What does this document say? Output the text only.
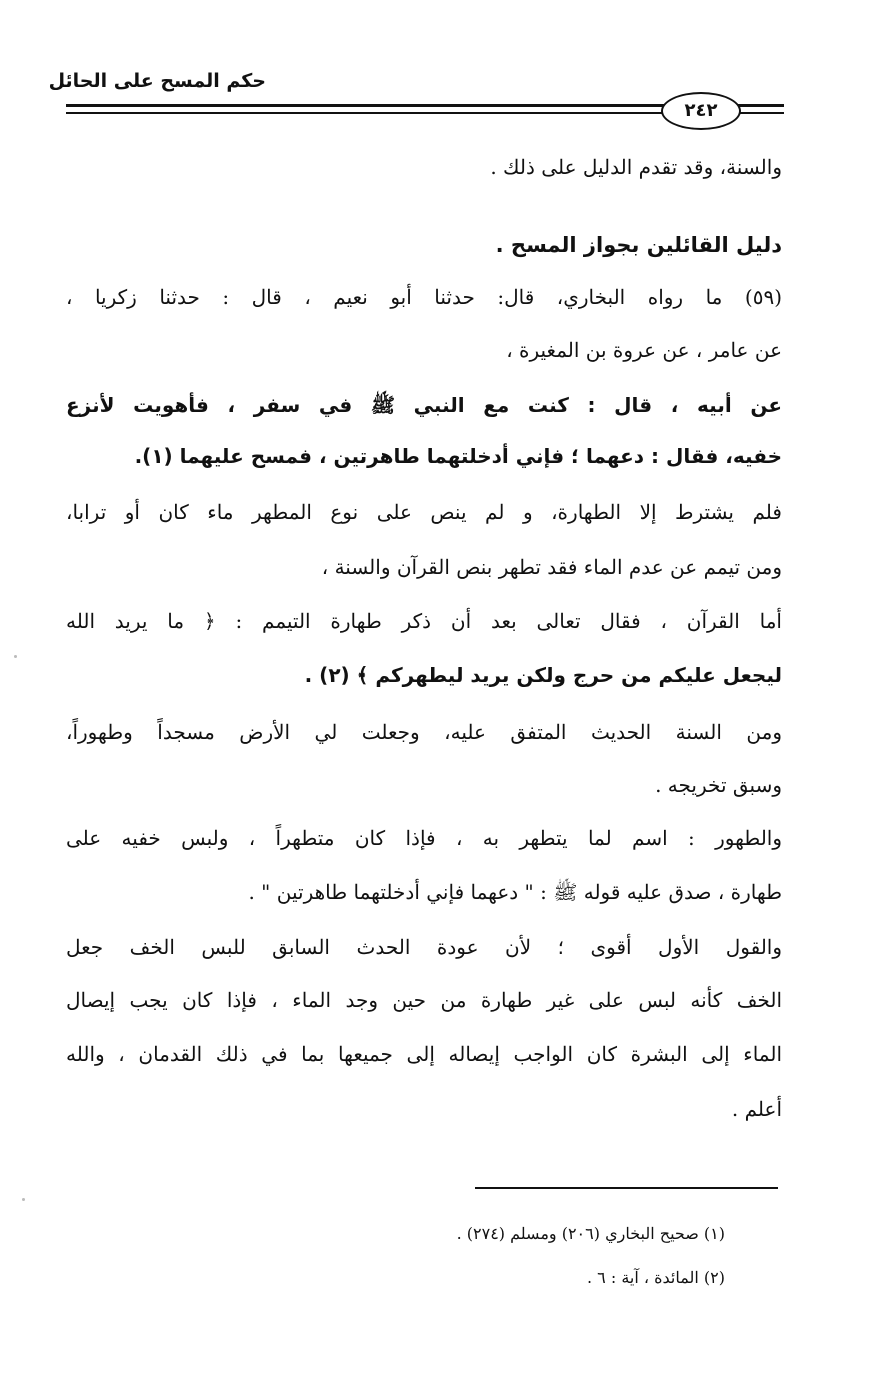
حكم المسح على الحائل
٢٤٢
والسنة، وقد تقدم الدليل على ذلك .
دليل القائلين بجواز المسح .
(٥٩) ما رواه البخاري، قال: حدثنا أبو نعيم ، قال : حدثنا زكريا ،
عن عامر ، عن عروة بن المغيرة ،
عن أبيه ، قال : كنت مع النبي ﷺ في سفر ، فأهويت لأنزع
خفيه، فقال : دعهما ؛ فإني أدخلتهما طاهرتين ، فمسح عليهما (١).
فلم يشترط إلا الطهارة، و لم ينص على نوع المطهر ماء كان أو ترابا،
ومن تيمم عن عدم الماء فقد تطهر بنص القرآن والسنة ،
أما القرآن ، فقال تعالى بعد أن ذكر طهارة التيمم : ﴿ ما يريد الله
ليجعل عليكم من حرج ولكن يريد ليطهركم ﴾ (٢) .
ومن السنة الحديث المتفق عليه، وجعلت لي الأرض مسجداً وطهوراً،
وسبق تخريجه .
والطهور : اسم لما يتطهر به ، فإذا كان متطهراً ، ولبس خفيه على
طهارة ، صدق عليه قوله ﷺ : " دعهما فإني أدخلتهما طاهرتين " .
والقول الأول أقوى ؛ لأن عودة الحدث السابق للبس الخف جعل
الخف كأنه لبس على غير طهارة من حين وجد الماء ، فإذا كان يجب إيصال
الماء إلى البشرة كان الواجب إيصاله إلى جميعها بما في ذلك القدمان ، والله
أعلم .
(١) صحيح البخاري (٢٠٦) ومسلم (٢٧٤) .
(٢) المائدة ، آية : ٦ .
